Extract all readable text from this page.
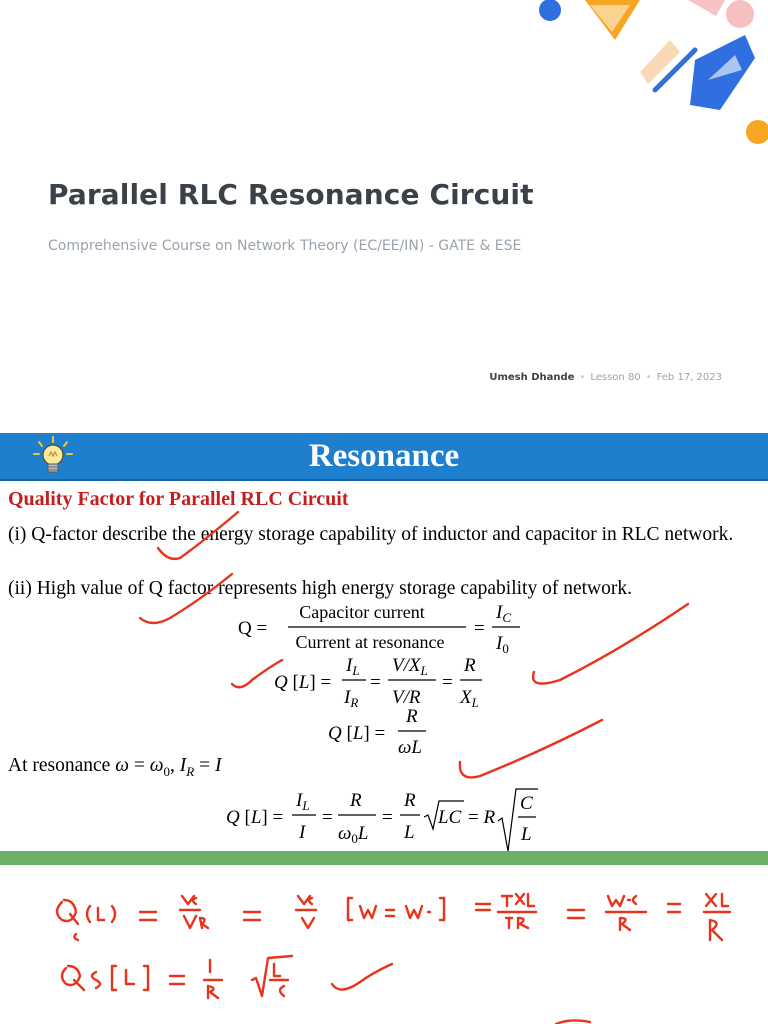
Parallel RLC Resonance Circuit
Comprehensive Course on Network Theory (EC/EE/IN) - GATE & ESE
Umesh Dhande • Lesson 80 • Feb 17, 2023
Resonance
Quality Factor for Parallel RLC Circuit
(i) Q-factor describe the energy storage capability of inductor and capacitor in RLC network.
(ii) High value of Q factor represents high energy storage capability of network.
Q =
Capacitor current
Current at resonance
=
$I_C$
$I_0$
Q [L] =
$I_L$
$I_R$
=
$V/X_L$
V/R
=
R
$X_L$
Q [L] =
R
ωL
At resonance $\omega = \omega_0$, $I_R = I$
Q [L] =
$I_L$
I
=
R
$\omega_0L$
=
R
L
LC = R
C
L
